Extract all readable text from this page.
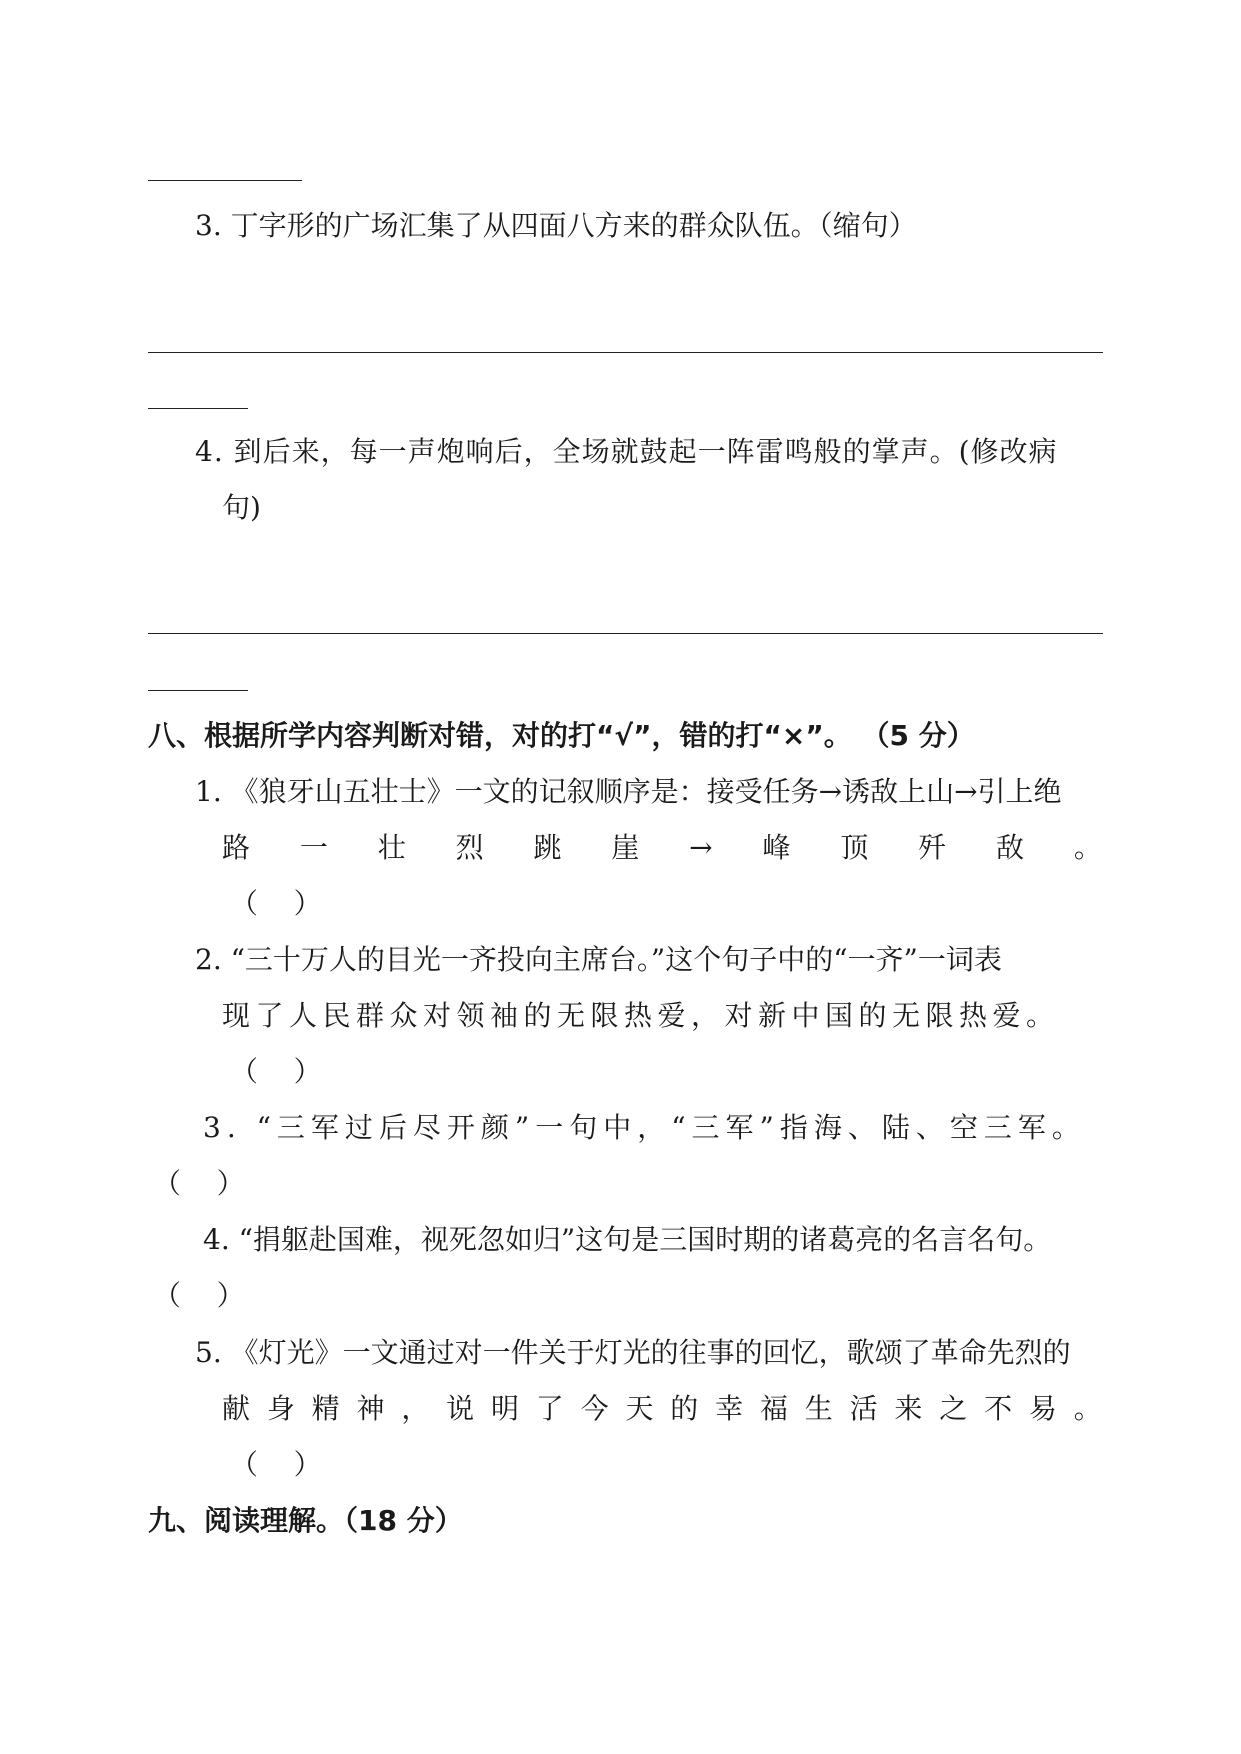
3. 丁字形的广场汇集了从四面八方来的群众队伍。（缩句）
4. 到后来，每一声炮响后，全场就鼓起一阵雷鸣般的掌声。(修改病
句)
八、根据所学内容判断对错，对的打“√”，错的打“×”。 （5 分）
1. 《狼牙山五壮士》一文的记叙顺序是：接受任务→诱敌上山→引上绝
路 一 壮 烈 跳 崖 → 峰 顶 歼 敌 。
（    ）
2. “三十万人的目光一齐投向主席台。”这个句子中的“一齐”一词表
现了人民群众对领袖的无限热爱，对新中国的无限热爱。
（    ）
3. “三军过后尽开颜”一句中，“三军”指海、陆、空三军。
（    ）
4. “捐躯赴国难，视死忽如归”这句是三国时期的诸葛亮的名言名句。
（    ）
5. 《灯光》一文通过对一件关于灯光的往事的回忆，歌颂了革命先烈的
献 身 精 神 ， 说 明 了 今 天 的 幸 福 生 活 来 之 不 易 。
（    ）
九、阅读理解。（18 分）
